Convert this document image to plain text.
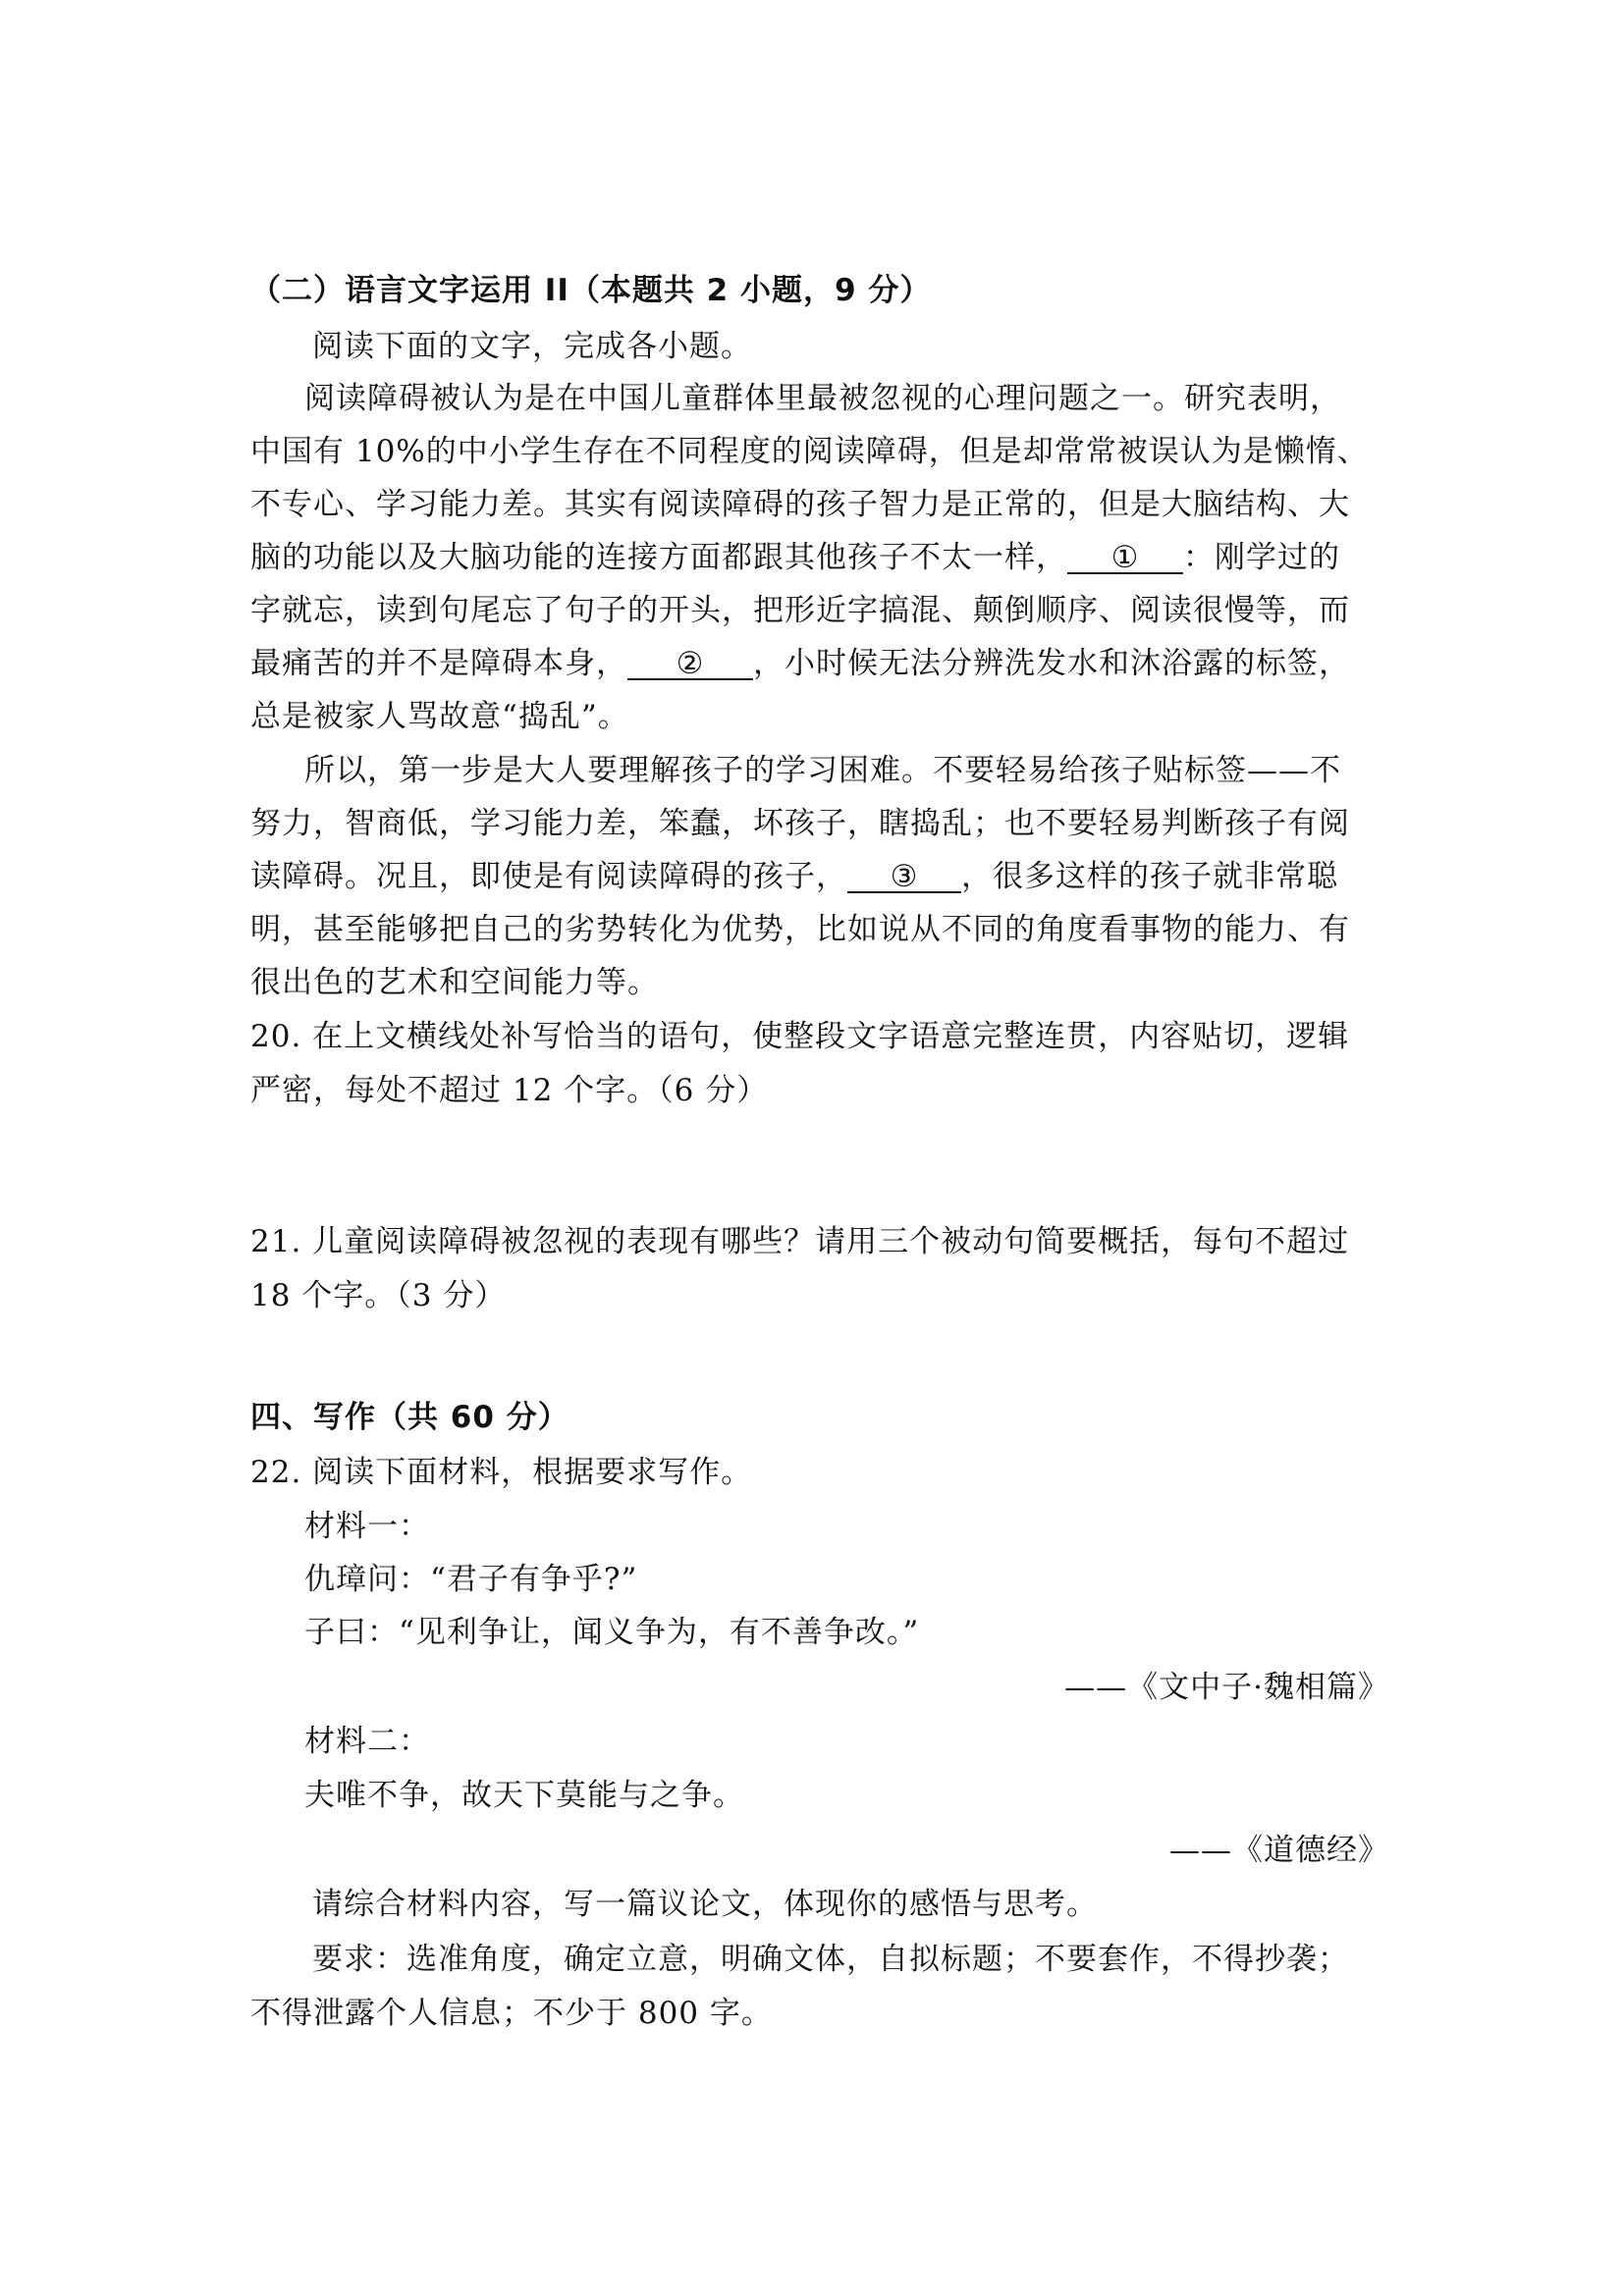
（二）语言文字运用 II（本题共 2 小题，9 分）
阅读下面的文字，完成各小题。
阅读障碍被认为是在中国儿童群体里最被忽视的心理问题之一。研究表明，
中国有 10%的中小学生存在不同程度的阅读障碍，但是却常常被误认为是懒惰、
不专心、学习能力差。其实有阅读障碍的孩子智力是正常的，但是大脑结构、大
脑的功能以及大脑功能的连接方面都跟其他孩子不太一样， ① ：刚学过的
字就忘，读到句尾忘了句子的开头，把形近字搞混、颠倒顺序、阅读很慢等，而
最痛苦的并不是障碍本身， ② ，小时候无法分辨洗发水和沐浴露的标签，
总是被家人骂故意“捣乱”。
所以，第一步是大人要理解孩子的学习困难。不要轻易给孩子贴标签——不
努力，智商低，学习能力差，笨蠢，坏孩子，瞎捣乱；也不要轻易判断孩子有阅
读障碍。况且，即使是有阅读障碍的孩子， ③ ，很多这样的孩子就非常聪
明，甚至能够把自己的劣势转化为优势，比如说从不同的角度看事物的能力、有
很出色的艺术和空间能力等。
20. 在上文横线处补写恰当的语句，使整段文字语意完整连贯，内容贴切，逻辑
严密，每处不超过 12 个字。（6 分）
21. 儿童阅读障碍被忽视的表现有哪些？请用三个被动句简要概括，每句不超过
18 个字。（3 分）
四、写作（共 60 分）
22. 阅读下面材料，根据要求写作。
材料一：
仇璋问：“君子有争乎?”
子曰：“见利争让，闻义争为，有不善争改。”
——《文中子·魏相篇》
材料二：
夫唯不争，故天下莫能与之争。
——《道德经》
请综合材料内容，写一篇议论文，体现你的感悟与思考。
要求：选准角度，确定立意，明确文体，自拟标题；不要套作，不得抄袭；
不得泄露个人信息；不少于 800 字。
